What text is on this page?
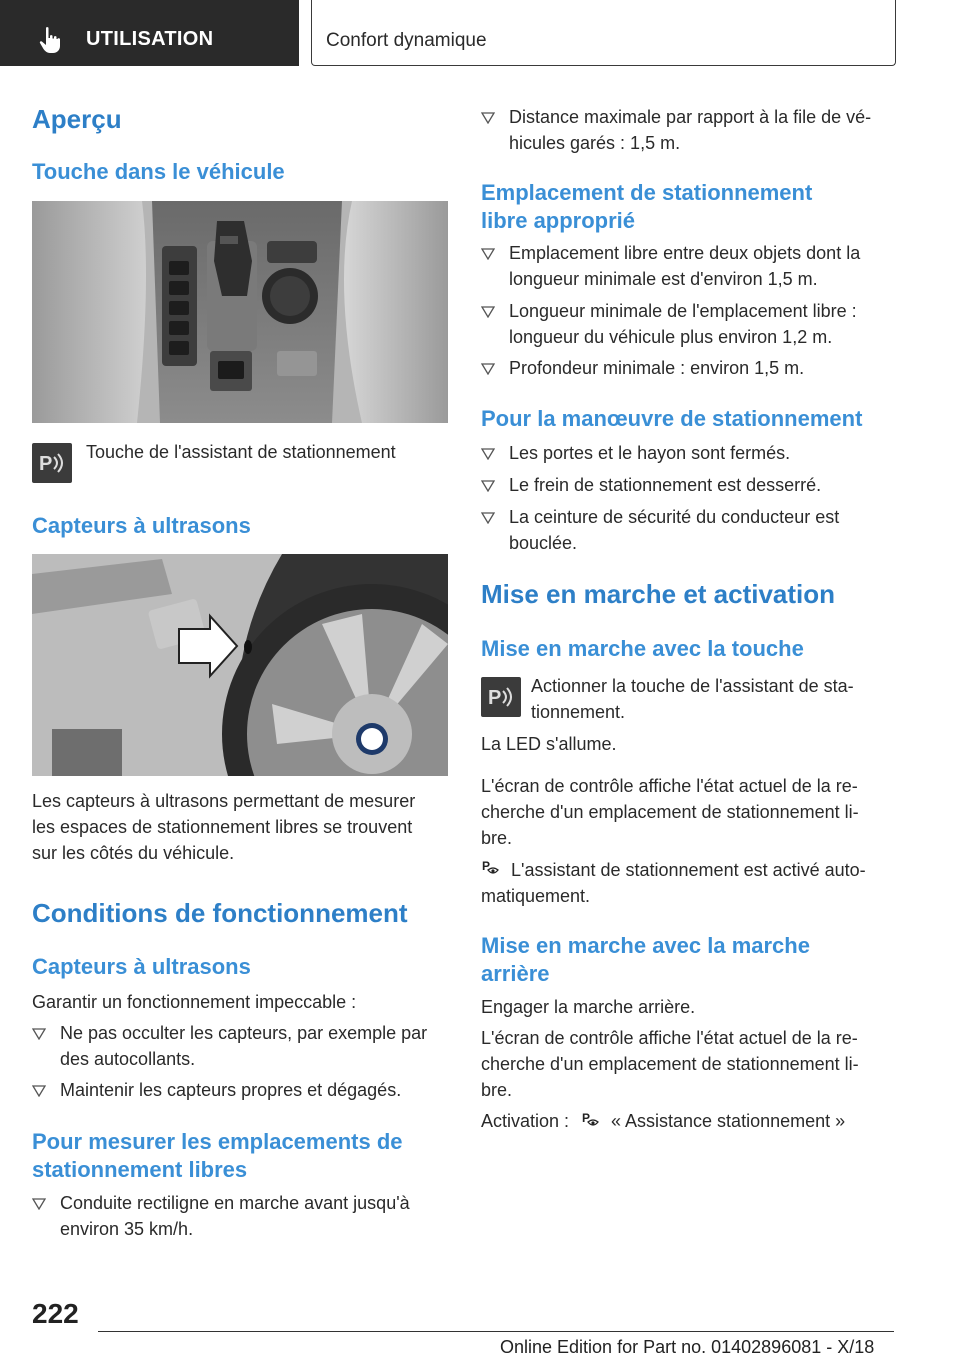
UTILISATION	Confort dynamique
Aperçu
Touche dans le véhicule
P
Touche de l'assistant de stationnement
Capteurs à ultrasons
Les capteurs à ultrasons permettant de mesurer
les espaces de stationnement libres se trouvent
sur les côtés du véhicule.
Conditions de fonctionnement
Capteurs à ultrasons
Garantir un fonctionnement impeccable :
Ne pas occulter les capteurs, par exemple par
des autocollants.
Maintenir les capteurs propres et dégagés.
Pour mesurer les emplacements de
stationnement libres
Conduite rectiligne en marche avant jusqu'à
environ 35 km/h.
Distance maximale par rapport à la file de vé-
hicules garés : 1,5 m.
Emplacement de stationnement
libre approprié
Emplacement libre entre deux objets dont la
longueur minimale est d'environ 1,5 m.
Longueur minimale de l'emplacement libre :
longueur du véhicule plus environ 1,2 m.
Profondeur minimale : environ 1,5 m.
Pour la manœuvre de stationnement
Les portes et le hayon sont fermés.
Le frein de stationnement est desserré.
La ceinture de sécurité du conducteur est
bouclée.
Mise en marche et activation
Mise en marche avec la touche
P
Actionner la touche de l'assistant de sta-
tionnement.
La LED s'allume.
L'écran de contrôle affiche l'état actuel de la re-
cherche d'un emplacement de stationnement li-
bre.
P	L'assistant de stationnement est activé auto-
matiquement.
Mise en marche avec la marche
arrière
Engager la marche arrière.
L'écran de contrôle affiche l'état actuel de la re-
cherche d'un emplacement de stationnement li-
bre.
Activation : P « Assistance stationnement »
222
Online Edition for Part no. 01402896081 - X/18
